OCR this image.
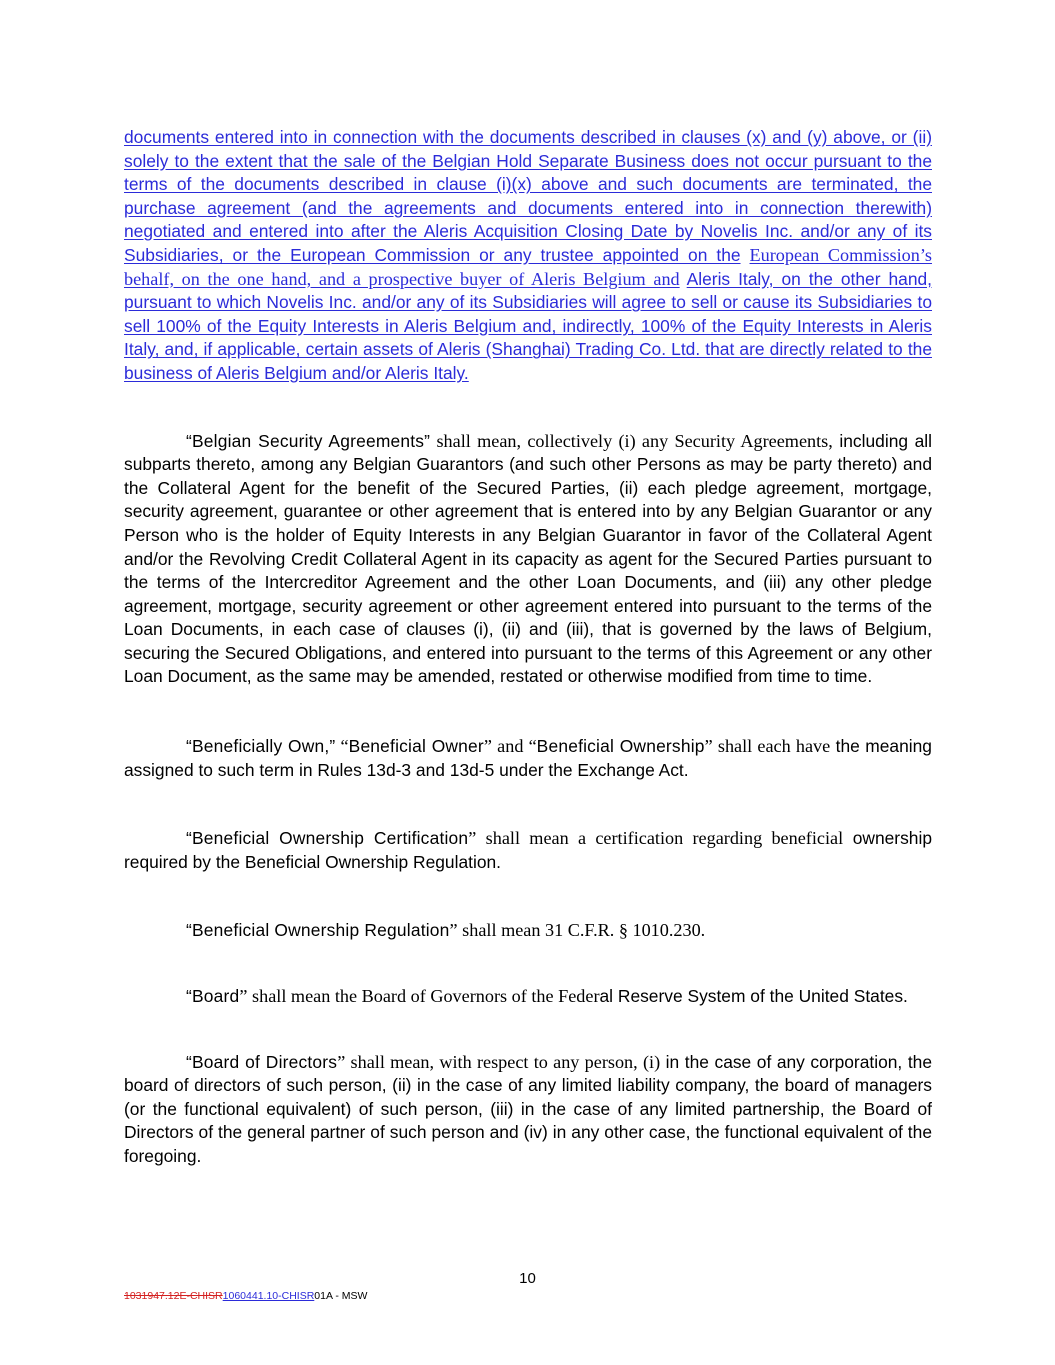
documents entered into in connection with the documents described in clauses (x) and (y) above, or (ii) solely to the extent that the sale of the Belgian Hold Separate Business does not occur pursuant to the terms of the documents described in clause (i)(x) above and such documents are terminated, the purchase agreement (and the agreements and documents entered into in connection therewith) negotiated and entered into after the Aleris Acquisition Closing Date by Novelis Inc. and/or any of its Subsidiaries, or the European Commission or any trustee appointed on the European Commission’s behalf, on the one hand, and a prospective buyer of Aleris Belgium and Aleris Italy, on the other hand, pursuant to which Novelis Inc. and/or any of its Subsidiaries will agree to sell or cause its Subsidiaries to sell 100% of the Equity Interests in Aleris Belgium and, indirectly, 100% of the Equity Interests in Aleris Italy, and, if applicable, certain assets of Aleris (Shanghai) Trading Co. Ltd. that are directly related to the business of Aleris Belgium and/or Aleris Italy.

“Belgian Security Agreements” shall mean, collectively (i) any Security Agreements, including all subparts thereto, among any Belgian Guarantors (and such other Persons as may be party thereto) and the Collateral Agent for the benefit of the Secured Parties, (ii) each pledge agreement, mortgage, security agreement, guarantee or other agreement that is entered into by any Belgian Guarantor or any Person who is the holder of Equity Interests in any Belgian Guarantor in favor of the Collateral Agent and/or the Revolving Credit Collateral Agent in its capacity as agent for the Secured Parties pursuant to the terms of the Intercreditor Agreement and the other Loan Documents, and (iii) any other pledge agreement, mortgage, security agreement or other agreement entered into pursuant to the terms of the Loan Documents, in each case of clauses (i), (ii) and (iii), that is governed by the laws of Belgium, securing the Secured Obligations, and entered into pursuant to the terms of this Agreement or any other Loan Document, as the same may be amended, restated or otherwise modified from time to time.

“Beneficially Own,” “Beneficial Owner” and “Beneficial Ownership” shall each have the meaning assigned to such term in Rules 13d-3 and 13d-5 under the Exchange Act.

“Beneficial Ownership Certification” shall mean a certification regarding beneficial ownership required by the Beneficial Ownership Regulation.

“Beneficial Ownership Regulation” shall mean 31 C.F.R. § 1010.230.

“Board” shall mean the Board of Governors of the Federal Reserve System of the United States.

“Board of Directors” shall mean, with respect to any person, (i) in the case of any corporation, the board of directors of such person, (ii) in the case of any limited liability company, the board of managers (or the functional equivalent) of such person, (iii) in the case of any limited partnership, the Board of Directors of the general partner of such person and (iv) in any other case, the functional equivalent of the foregoing.

10
1031947.12E-CHISR1060441.10-CHISR01A - MSW
